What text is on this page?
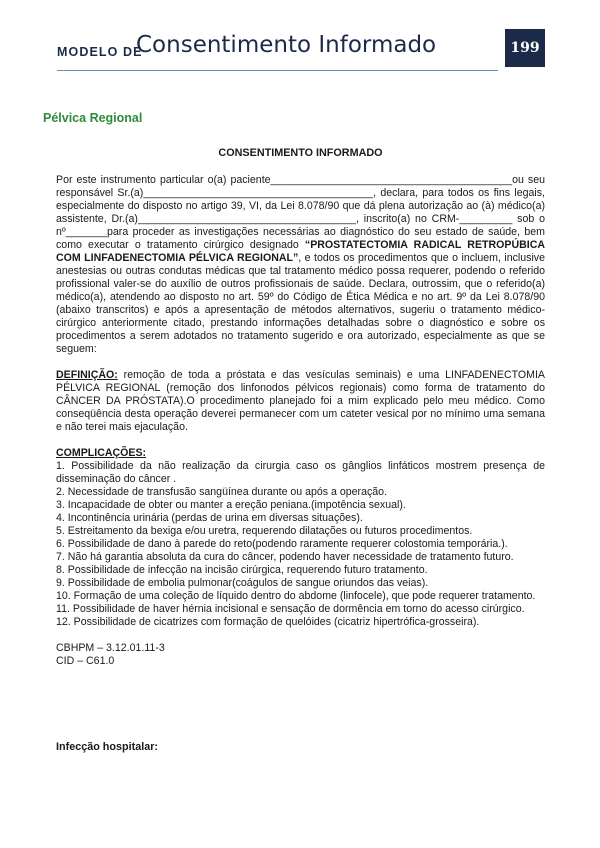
MODELO DE
Consentimento Informado	199
Pélvica Regional

CONSENTIMENTO INFORMADO

Por este instrumento particular o(a) paciente_________________________________________ou seu responsável Sr.(a)_______________________________________, declara, para todos os fins legais, especialmente do disposto no artigo 39, VI, da Lei 8.078/90 que dá plena autorização ao (à) médico(a) assistente, Dr.(a)_____________________________________, inscrito(a) no CRM-_________ sob o nº_______para proceder as investigações necessárias ao diagnóstico do seu estado de saúde, bem como executar o tratamento cirúrgico designado “PROSTATECTOMIA RADICAL RETROPÚBICA COM LINFADENECTOMIA PÉLVICA REGIONAL”, e todos os procedimentos que o incluem, inclusive anestesias ou outras condutas médicas que tal tratamento médico possa requerer, podendo o referido profissional valer-se do auxílio de outros profissionais de saúde. Declara, outrossim, que o referido(a) médico(a), atendendo ao disposto no art. 59º do Código de Ética Médica e no art. 9º da Lei 8.078/90 (abaixo transcritos) e após a apresentação de métodos alternativos, sugeriu o tratamento médico-cirúrgico anteriormente citado, prestando informações detalhadas sobre o diagnóstico e sobre os procedimentos a serem adotados no tratamento sugerido e ora autorizado, especialmente as que se seguem:

DEFINIÇÃO: remoção de toda a próstata e das vesículas seminais) e uma LINFADENECTOMIA PÉLVICA REGIONAL (remoção dos linfonodos pélvicos regionais) como forma de tratamento do CÂNCER DA PRÓSTATA).O procedimento planejado foi a mim explicado pelo meu médico. Como conseqüência desta operação deverei permanecer com um cateter vesical por no mínimo uma semana e não terei mais ejaculação.

COMPLICAÇÕES:

1. Possibilidade da não realização da cirurgia caso os gânglios linfáticos mostrem presença de disseminação do câncer .
2. Necessidade de transfusão sangüínea durante ou após a operação.
3. Incapacidade de obter ou manter a ereção peniana.(impotência sexual).
4. Incontinência urinária (perdas de urina em diversas situações).
5. Estreitamento da bexiga e/ou uretra, requerendo dilatações ou futuros procedimentos.
6. Possibilidade de dano à parede do reto(podendo raramente requerer colostomia temporária.).
7. Não há garantia absoluta da cura do câncer, podendo haver necessidade de tratamento futuro.
8. Possibilidade de infecção na incisão cirúrgica, requerendo futuro tratamento.
9. Possibilidade de embolia pulmonar(coágulos de sangue oriundos das veias).
10. Formação de uma coleção de líquido dentro do abdome (linfocele), que pode requerer tratamento.
11. Possibilidade de haver hérnia incisional e sensação de dormência em torno do acesso cirúrgico.
12. Possibilidade de cicatrizes com formação de quelóides (cicatriz hipertrófica-grosseira).

CBHPM – 3.12.01.11-3

CID – C61.0

Infecção hospitalar:
